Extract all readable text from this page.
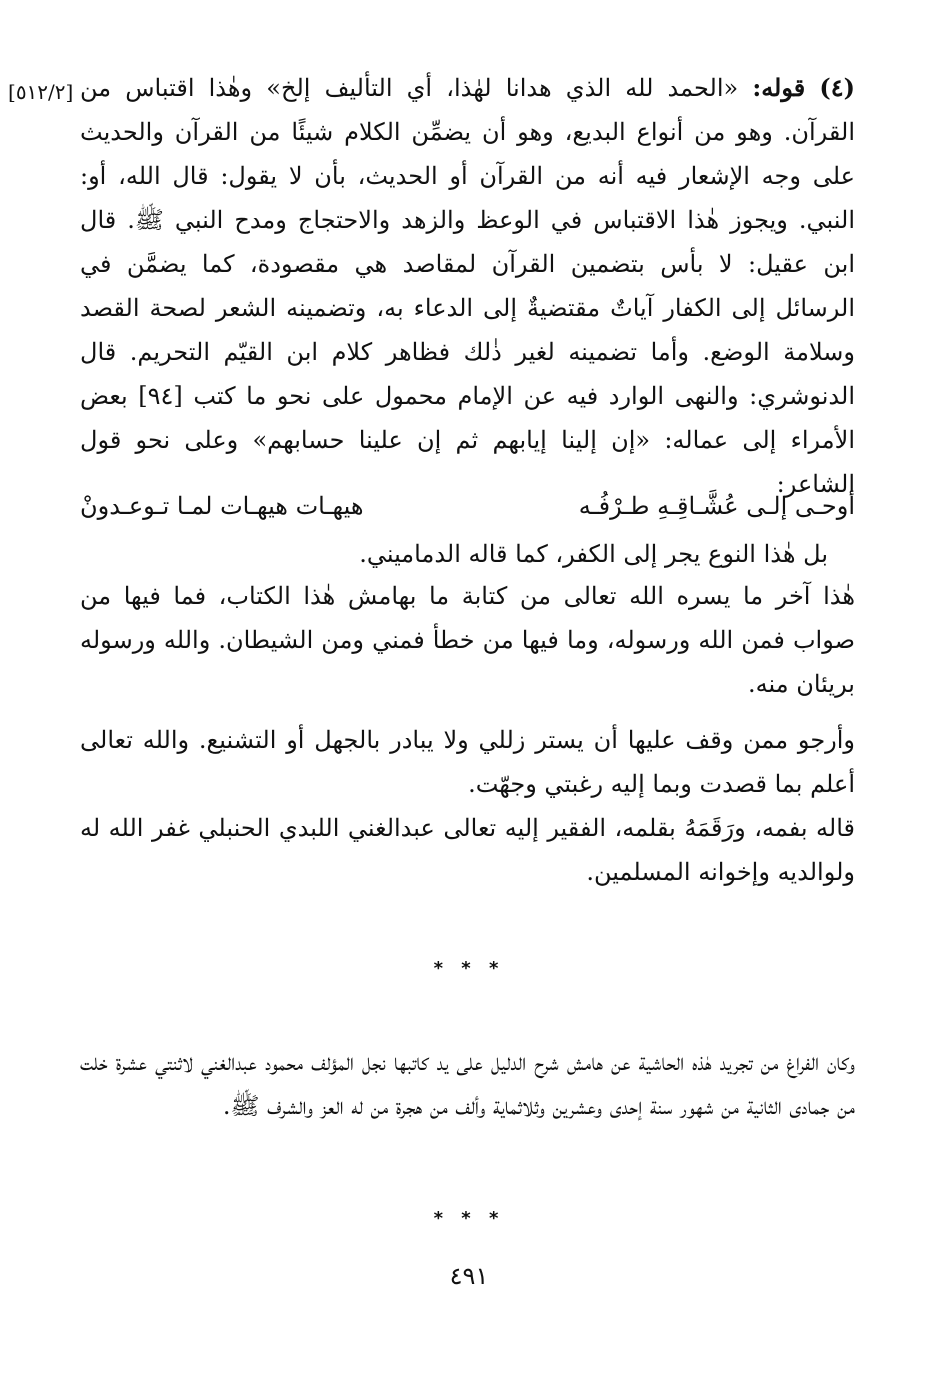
[٥١٢/٢]	(٤) قوله: «الحمد لله الذي هدانا لهٰذا، أي التأليف إلخ» وهٰذا اقتباس من القرآن. وهو من أنواع البديع، وهو أن يضمِّن الكلام شيئًا من القرآن والحديث على وجه الإشعار فيه أنه من القرآن أو الحديث، بأن لا يقول: قال الله، أو: النبي. ويجوز هٰذا الاقتباس في الوعظ والزهد والاحتجاج ومدح النبي ﷺ. قال ابن عقيل: لا بأس بتضمين القرآن لمقاصد هي مقصودة، كما يضمَّن في الرسائل إلى الكفار آياتٌ مقتضيةٌ إلى الدعاء به، وتضمينه الشعر لصحة القصد وسلامة الوضع. وأما تضمينه لغير ذٰلك فظاهر كلام ابن القيّم التحريم. قال الدنوشري: والنهى الوارد فيه عن الإمام محمول على نحو ما كتب [٩٤] بعض الأمراء إلى عماله: «إن إلينا إيابهم ثم إن علينا حسابهم» وعلى نحو قول الشاعر:
أوحـى إلـى عُشَّـاقِـهِ طـرْفُـه
هيهـات هيهـات لمـا تـوعـدونْ
بل هٰذا النوع يجر إلى الكفر، كما قاله الدماميني.
هٰذا آخر ما يسره الله تعالى من كتابة ما بهامش هٰذا الكتاب، فما فيها من صواب فمن الله ورسوله، وما فيها من خطأ فمني ومن الشيطان. والله ورسوله بريئان منه.
وأرجو ممن وقف عليها أن يستر زللي ولا يبادر بالجهل أو التشنيع. والله تعالى أعلم بما قصدت وبما إليه رغبتي وجهّت.
قاله بفمه، ورَقَمَهُ بقلمه، الفقير إليه تعالى عبدالغني اللبدي الحنبلي غفر الله له ولوالديه وإخوانه المسلمين.
* * *
وكان الفراغ من تجريد هٰذه الحاشية عن هامش شرح الدليل على يد كاتبها نجل المؤلف محمود عبدالغني لاثنتي عشرة خلت من جمادى الثانية من شهور سنة إحدى وعشرين وثلاثماية وألف من هجرة من له العز والشرف ﷺ.
* * *
٤٩١
